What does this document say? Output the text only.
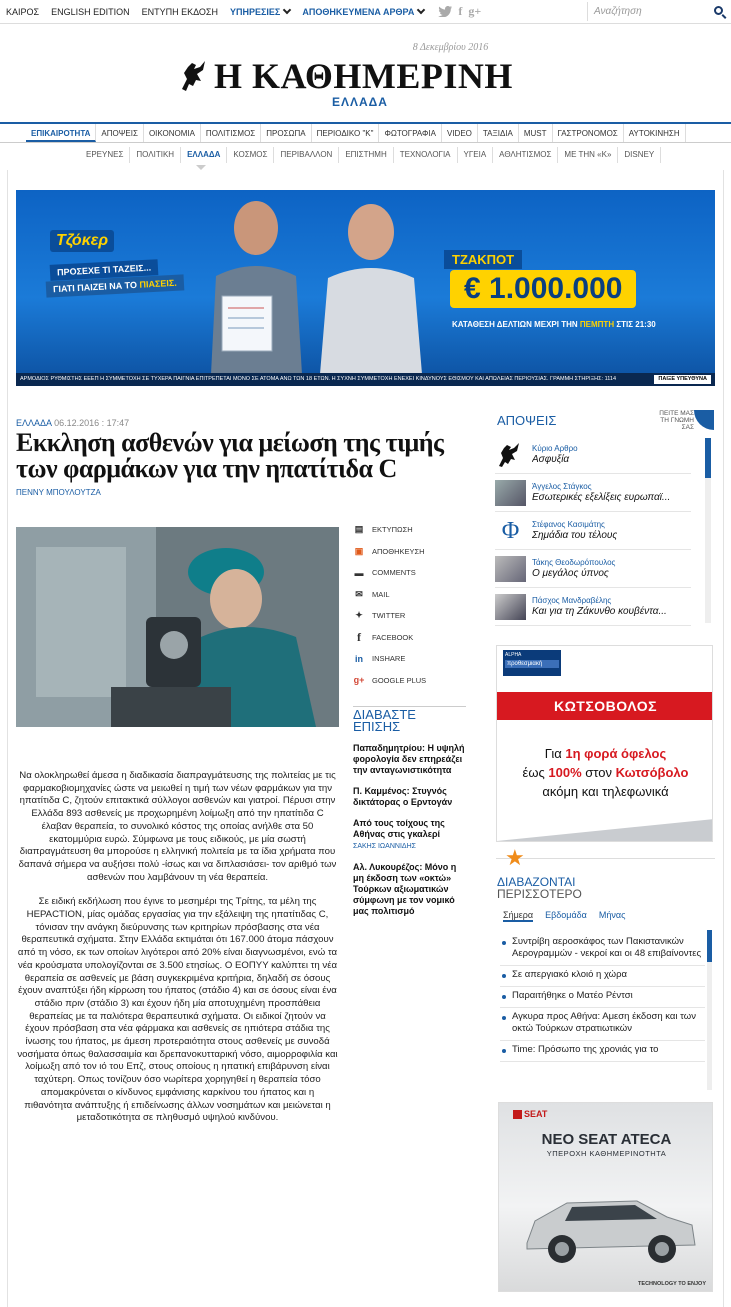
ΚΑΙΡΟΣ	ENGLISH EDITION	ΕΝΤΥΠΗ ΕΚΔΟΣΗ	ΥΠΗΡΕΣΙΕΣ ΑΠΟΘΗΚΕΥΜΕΝΑ ΑΡΘΡΑ	f g+	Αναζήτηση
8 Δεκεμβρίου 2016
Η ΚΑΘΗΜΕΡΙΝΗ
ΕΛΛΑΔΑ
ΕΠΙΚΑΙΡΟΤΗΤΑ	ΑΠΟΨΕΙΣ	ΟΙΚΟΝΟΜΙΑ	ΠΟΛΙΤΙΣΜΟΣ	ΠΡΟΣΩΠΑ	ΠΕΡΙΟΔΙΚΟ "Κ"	ΦΩΤΟΓΡΑΦΙΑ	VIDEO	ΤΑΞΙΔΙΑ	MUST	ΓΑΣΤΡΟΝΟΜΟΣ	ΑΥΤΟΚΙΝΗΣΗ
ΕΡΕΥΝΕΣ	ΠΟΛΙΤΙΚΗ	ΕΛΛΑΔΑ	ΚΟΣΜΟΣ	ΠΕΡΙΒΑΛΛΟΝ	ΕΠΙΣΤΗΜΗ	ΤΕΧΝΟΛΟΓΙΑ	ΥΓΕΙΑ	ΑΘΛΗΤΙΣΜΟΣ	ΜΕ ΤΗΝ «Κ»	DISNEY
Τζόκερ
ΠΡΟΣΕΧΕ ΤΙ ΤΑΖΕΙΣ...
ΓΙΑΤΙ ΠΑΙΖΕΙ ΝΑ ΤΟ ΠΙΑΣΕΙΣ.
ΤΖΑΚΠΟΤ
€ 1.000.000
ΚΑΤΑΘΕΣΗ ΔΕΛΤΙΩΝ ΜΕΧΡΙ ΤΗΝ ΠΕΜΠΤΗ ΣΤΙΣ 21:30
ΑΡΜΟΔΙΟΣ ΡΥΘΜΙΣΤΗΣ ΕΕΕΠ Η ΣΥΜΜΕΤΟΧΗ ΣΕ ΤΥΧΕΡΑ ΠΑΙΓΝΙΑ ΕΠΙΤΡΕΠΕΤΑΙ ΜΟΝΟ ΣΕ ΑΤΟΜΑ ΑΝΩ ΤΩΝ 18 ΕΤΩΝ. Η ΣΥΧΝΗ ΣΥΜΜΕΤΟΧΗ ΕΝΕΧΕΙ ΚΙΝΔΥΝΟΥΣ ΕΘΙΣΜΟΥ ΚΑΙ ΑΠΩΛΕΙΑΣ ΠΕΡΙΟΥΣΙΑΣ. ΓΡΑΜΜΗ ΣΤΗΡΙΞΗΣ: 1114	ΠΑΙΞΕ ΥΠΕΥΘΥΝΑ
ΕΛΛΑΔΑ 06.12.2016 : 17:47
Εκκληση ασθενών για μείωση της τιμής των φαρμάκων για την ηπατίτιδα C
ΠΕΝΝΥ ΜΠΟΥΛΟΥΤΖΑ
▤ ΕΚΤΥΠΩΣΗ
▣ ΑΠΟΘΗΚΕΥΣΗ
▬ COMMENTS
✉ MAIL
✦ TWITTER
f	FACEBOOK
in INSHARE
g+ GOOGLE PLUS

Να ολοκληρωθεί άμεσα η διαδικασία διαπραγμάτευσης της πολιτείας με τις φαρμακοβιομηχανίες ώστε να μειωθεί η τιμή των νέων φαρμάκων για την ηπατίτιδα C, ζητούν επιτακτικά σύλλογοι ασθενών και γιατροί. Πέρυσι στην Ελλάδα 893 ασθενείς με προχωρημένη λοίμωξη από την ηπατίτιδα C έλαβαν θεραπεία, το συνολικό κόστος της οποίας ανήλθε στα 50 εκατομμύρια ευρώ. Σύμφωνα με τους ειδικούς, με μία σωστή διαπραγμάτευση θα μπορούσε η ελληνική πολιτεία με τα ίδια χρήματα που δαπανά σήμερα να αυξήσει πολύ -ίσως και να διπλασιάσει- τον αριθμό των ασθενών που λαμβάνουν τη νέα θεραπεία.

Σε ειδική εκδήλωση που έγινε το μεσημέρι της Τρίτης, τα μέλη της HEPACTION, μίας ομάδας εργασίας για την εξάλειψη της ηπατίτιδας C, τόνισαν την ανάγκη διεύρυνσης των κριτηρίων πρόσβασης στα νέα θεραπευτικά σχήματα. Στην Ελλάδα εκτιμάται ότι 167.000 άτομα πάσχουν από τη νόσο, εκ των οποίων λιγότεροι από 20% είναι διαγνωσμένοι, ενώ τα νέα κρούσματα υπολογίζονται σε 3.500 ετησίως. Ο ΕΟΠΥΥ καλύπτει τη νέα θεραπεία σε ασθενείς με βάση συγκεκριμένα κριτήρια, δηλαδή σε όσους έχουν αναπτύξει ήδη κίρρωση του ήπατος (στάδιο 4) και σε όσους είναι ένα στάδιο πριν (στάδιο 3) και έχουν ήδη μία αποτυχημένη προσπάθεια θεραπείας με τα παλιότερα θεραπευτικά σχήματα. Οι ειδικοί ζητούν να έχουν πρόσβαση στα νέα φάρμακα και ασθενείς σε ηπιότερα στάδια της ίνωσης του ήπατος, με άμεση προτεραιότητα στους ασθενείς με συνοδά νοσήματα όπως θαλασσαιμία και δρεπανοκυτταρική νόσο, αιμορροφιλία και λοίμωξη από τον ιό του Επζ, στους οποίους η ηπατική επιβάρυνση είναι ταχύτερη. Οπως τονίζουν όσο νωρίτερα χορηγηθεί η θεραπεία τόσο απομακρύνεται ο κίνδυνος εμφάνισης καρκίνου του ήπατος και η πιθανότητα ανάπτυξης ή επιδείνωσης άλλων νοσημάτων και μειώνεται η μεταδοτικότητα σε πληθυσμό υψηλού κινδύνου.

ΔΙΑΒΑΣΤΕ
ΕΠΙΣΗΣ
Παπαδημητρίου: Η υψηλή φορολογία δεν επηρεάζει την ανταγωνιστικότητα
Π. Καμμένος: Στυγνός δικτάτορας ο Ερντογάν
Από τους τοίχους της Αθήνας στις γκαλερί
ΣΑΚΗΣ ΙΩΑΝΝΙΔΗΣ
Αλ. Λυκουρέζος: Μόνο η μη έκδοση των «οκτώ» Τούρκων αξιωματικών σύμφωνη με τον νομικό μας πολιτισμό
ΑΠΟΨΕΙΣ	ΠΕΙΤΕ ΜΑΣ ΤΗ ΓΝΩΜΗ ΣΑΣ
Κύριο Αρθρο
Ασφυξία
Άγγελος Στάγκος
Εσωτερικές εξελίξεις ευρωπαϊ...
Φ	Στέφανος Κασιμάτης
Σημάδια του τέλους
Τάκης Θεοδωρόπουλος
Ο μεγάλος ύπνος
Πάσχος Μανδραβέλης
Και για τη Ζάκυνθο κουβέντα...
ALPHA
προθεσμιακή
ΚΩΤΣΟΒΟΛΟΣ
Για 1η φορά όφελος
έως 100% στον Κωτσόβολο
ακόμη και τηλεφωνικά
★
ΔΙΑΒΑΖΟΝΤΑΙ
ΠΕΡΙΣΣΟΤΕΡΟ
Σήμερα Εβδομάδα Μήνας
Συντρίβη αεροσκάφος των Πακιστανικών Αερογραμμών - νεκροί και οι 48 επιβαίνοντες
Σε απεργιακό κλοιό η χώρα
Παραιτήθηκε ο Ματέο Ρέντσι
Αγκυρα προς Αθήνα: Αμεση έκδοση και των οκτώ Τούρκων στρατιωτικών
Time: Πρόσωπο της χρονιάς για το
SEAT
ΝΕΟ SEAT ATECA
ΥΠΕΡΟΧΗ ΚΑΘΗΜΕΡΙΝΟΤΗΤΑ
TECHNOLOGY TO ENJOY
